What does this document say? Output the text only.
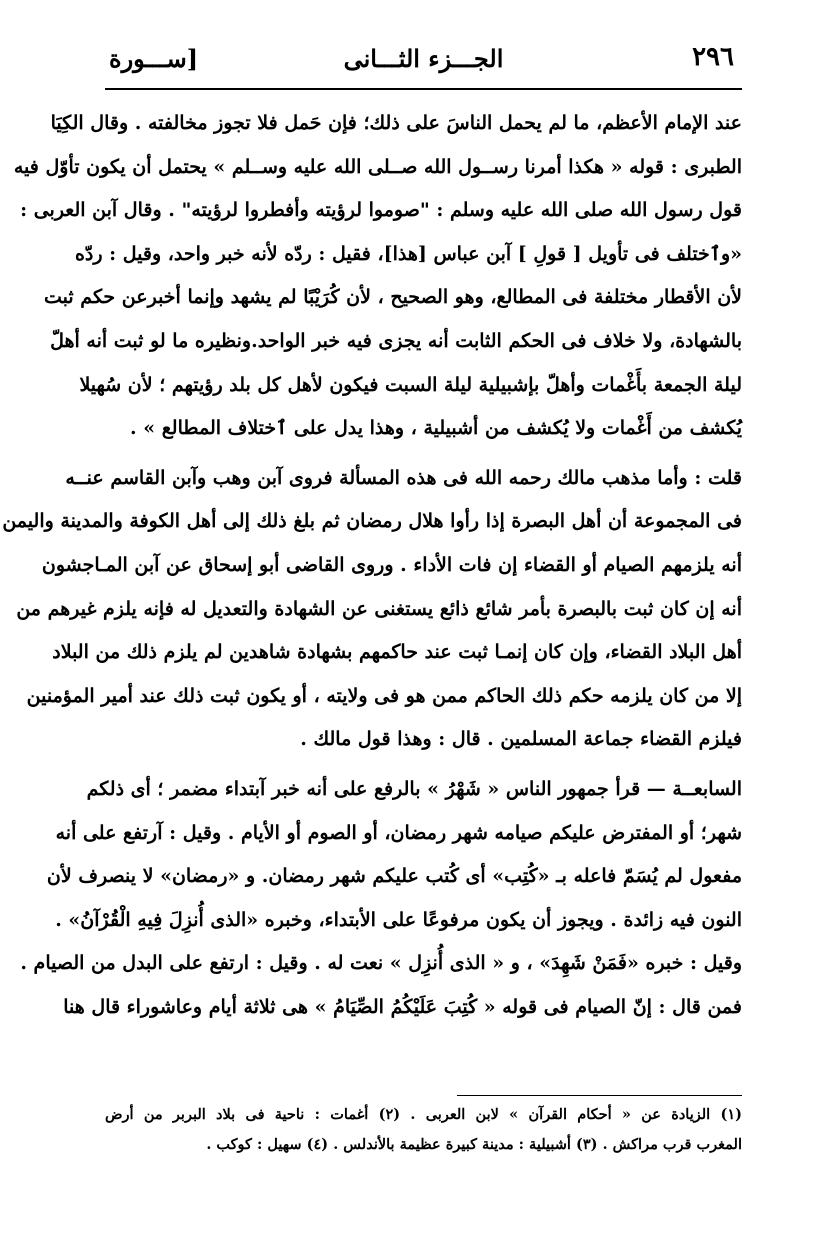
٢٩٦
الجـــزء الثـــانى
[ســـورة
عند الإمام الأعظم، ما لم يحمل الناسَ على ذلك؛ فإن حَمل فلا تجوز مخالفته . وقال الكِيَا
الطبرى : قوله « هكذا أمرنا رســول الله صــلى الله عليه وســلم » يحتمل أن يكون تأوّل فيه
قول رسول الله صلى الله عليه وسلم : "صوموا لرؤيته وأفطروا لرؤيته" . وقال آبن العربى :
«وٱختلف فى تأويل [ قولِ ] آبن عباس [هذا]، فقيل : ردّه لأنه خبر واحد، وقيل : ردّه
لأن الأقطار مختلفة فى المطالع، وهو الصحيح ، لأن كُرَيْبًا لم يشهد وإنما أخبرعن حكم ثبت
بالشهادة، ولا خلاف فى الحكم الثابت أنه يجزى فيه خبر الواحد.ونظيره ما لو ثبت أنه أهلّ
ليلة الجمعة بأَغْمات وأهلّ بإشبيلية ليلة السبت فيكون لأهل كل بلد رؤيتهم ؛ لأن سُهيلا
يُكشف من أَغْمات ولا يُكشف من أشبيلية ، وهذا يدل على ٱختلاف المطالع » .
قلت : وأما مذهب مالك رحمه الله فى هذه المسألة فروى آبن وهب وآبن القاسم عنــه
فى المجموعة أن أهل البصرة إذا رأوا هلال رمضان ثم بلغ ذلك إلى أهل الكوفة والمدينة واليمن
أنه يلزمهم الصيام أو القضاء إن فات الأداء . وروى القاضى أبو إسحاق عن آبن المـاجشون
أنه إن كان ثبت بالبصرة بأمر شائع ذائع يستغنى عن الشهادة والتعديل له فإنه يلزم غيرهم من
أهل البلاد القضاء، وإن كان إنمـا ثبت عند حاكمهم بشهادة شاهدين لم يلزم ذلك من البلاد
إلا من كان يلزمه حكم ذلك الحاكم ممن هو فى ولايته ، أو يكون ثبت ذلك عند أمير المؤمنين
فيلزم القضاء جماعة المسلمين . قال : وهذا قول مالك .
السابعــة — قرأ جمهور الناس « شَهْرُ » بالرفع على أنه خبر آبتداء مضمر ؛ أى ذلكم
شهر؛ أو المفترض عليكم صيامه شهر رمضان، أو الصوم أو الأيام . وقيل : آرتفع على أنه
مفعول لم يُسَمّ فاعله بـ «كُتِب» أى كُتب عليكم شهر رمضان. و «رمضان» لا ينصرف لأن
النون فيه زائدة . ويجوز أن يكون مرفوعًا على الأبتداء، وخبره «الذى أُنزِلَ فِيهِ الْقُرْآنُ» .
وقيل : خبره «فَمَنْ شَهِدَ» ، و « الذى أُنزِل » نعت له . وقيل : ارتفع على البدل من الصيام .
فمن قال : إنّ الصيام فى قوله « كُتِبَ عَلَيْكُمُ الصِّيَامُ » هى ثلاثة أيام وعاشوراء قال هنا
(١) الزيادة عن « أحكام القرآن » لابن العربى . (٢) أغمات : ناحية فى بلاد البربر من أرض
المغرب قرب مراكش . (٣) أشبيلية : مدينة كبيرة عظيمة بالأندلس . (٤) سهيل : كوكب .
